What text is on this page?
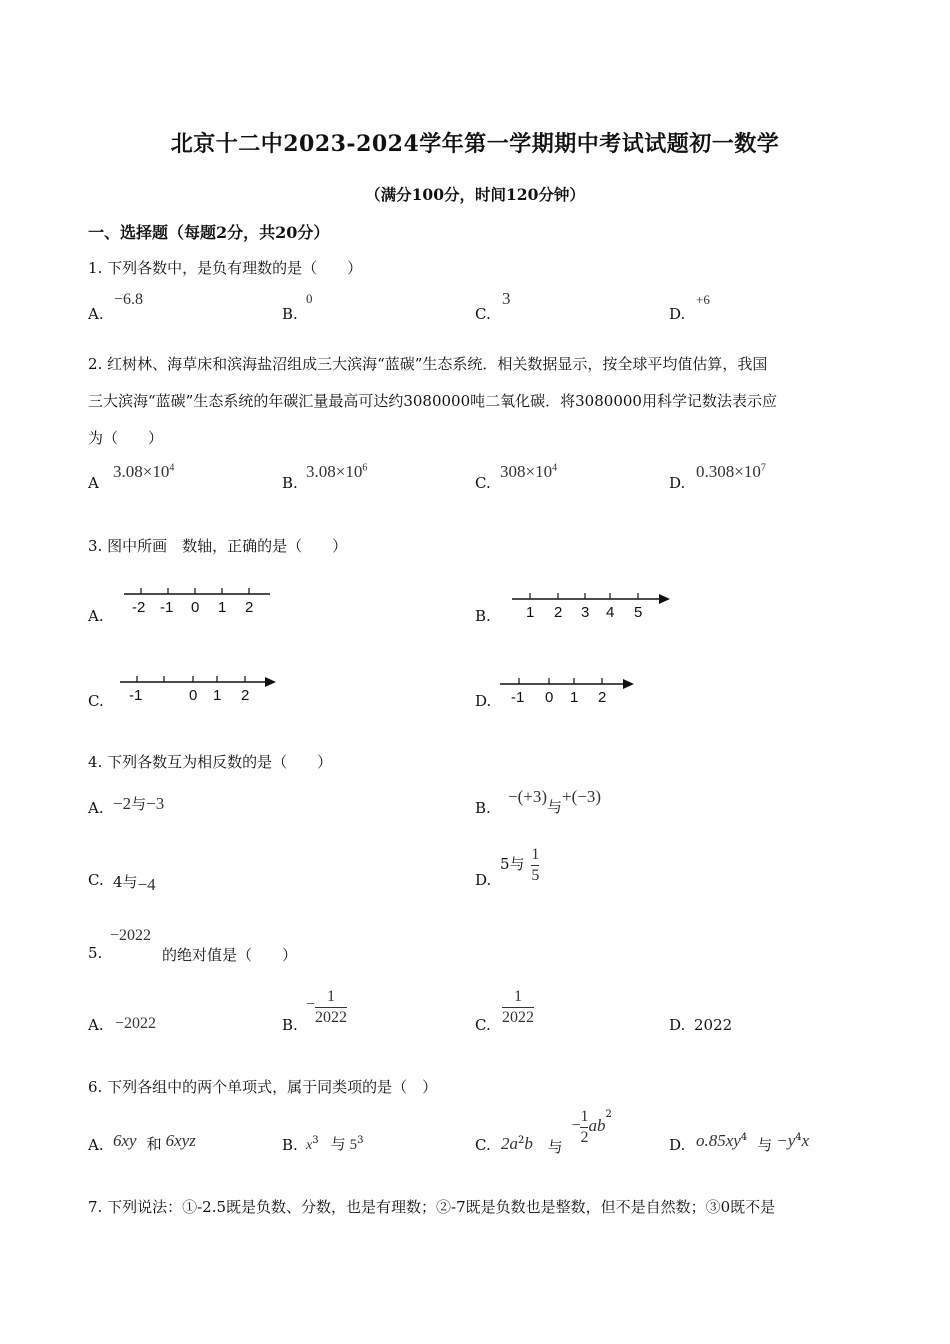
北京十二中2023-2024学年第一学期期中考试试题初一数学
（满分100分，时间120分钟）
一、选择题（每题2分，共20分）
1. 下列各数中，是负有理数的是（　　）
A.
−6.8
B.
0
C.
3
D.
+6
2. 红树林、海草床和滨海盐沼组成三大滨海“蓝碳”生态系统．相关数据显示，按全球平均值估算，我国
三大滨海“蓝碳”生态系统的年碳汇量最高可达约3080000吨二氧化碳．将3080000用科学记数法表示应
为（　　）
A
$3.08\times 10^4$
B.
$3.08\times 10^6$
C.
$308\times 10^4$
D.
$0.308\times 10^7$
3. 图中所画　数轴，正确的是（　　）
A. -2 -1 0 1 2	B. 1 2 3 4 5
C. -1	0 1 2	D. -1 0 1 2
4. 下列各数互为相反数的是（　　）
A. −2与−3	B.
−(+3)与+(−3)
C. 4与−4	D.
5与 $\frac{1}{5}$
5.
−2022
的绝对值是（　　）
A. −2022	B.
− $\frac{1}{2022}$	C. $\frac{1}{2022}$	D. 2022
6. 下列各组中的两个单项式，属于同类项的是（　）
A. 6xy 和 6xyz	B. $x^3$ 与 $5^3$	C. $2a^2b$ 与 − $\frac{1}{2} ab^2$
D. $o.85xy^4$ 与 $-y^4x$
7. 下列说法：①-2.5既是负数、分数，也是有理数；②-7既是负数也是整数，但不是自然数；③0既不是
